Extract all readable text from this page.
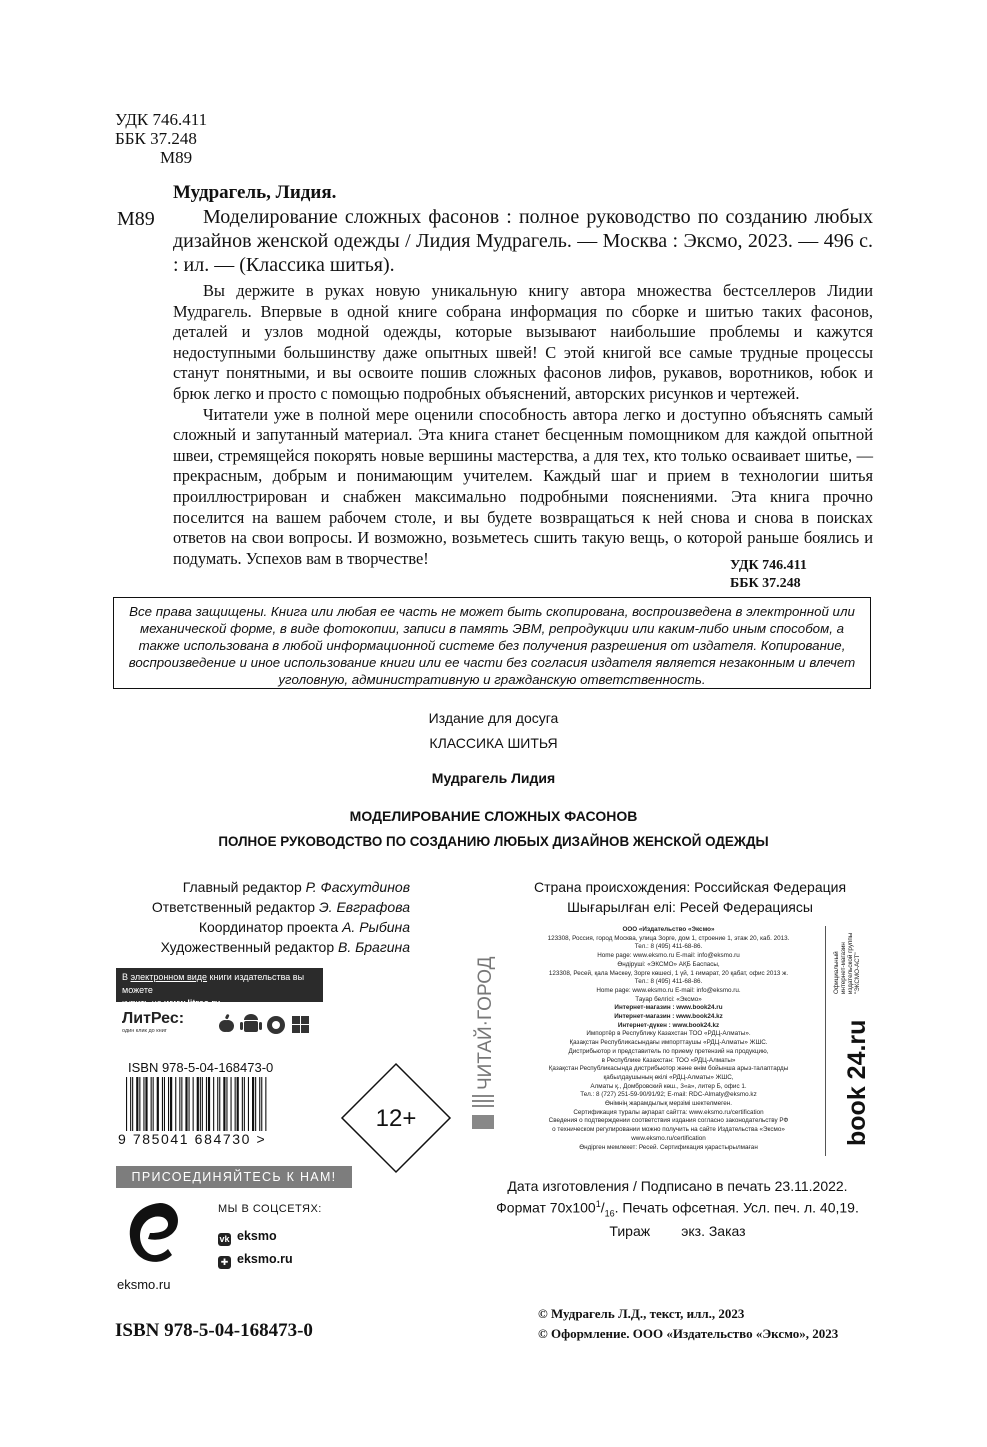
УДК 746.411
ББК 37.248
М89
Мудрагель, Лидия.
М89	Моделирование сложных фасонов : полное руководство по созданию любых дизайнов женской одежды / Лидия Мудрагель. — Москва : Эксмо, 2023. — 496 с. : ил. — (Классика шитья).

Вы держите в руках новую уникальную книгу автора множества бестселлеров Лидии Мудрагель. Впервые в одной книге собрана информация по сборке и шитью таких фасонов, деталей и узлов модной одежды, которые вызывают наибольшие проблемы и кажутся недоступными большинству даже опытных швей! С этой книгой все самые трудные процессы станут понятными, и вы освоите пошив сложных фасонов лифов, рукавов, воротников, юбок и брюк легко и просто с помощью подробных объяснений, авторских рисунков и чертежей.

Читатели уже в полной мере оценили способность автора легко и доступно объяснять самый сложный и запутанный материал. Эта книга станет бесценным помощником для каждой опытной швеи, стремящейся покорять новые вершины мастерства, а для тех, кто только осваивает шитье, — прекрасным, добрым и понимающим учителем. Каждый шаг и прием в технологии шитья проиллюстрирован и снабжен максимально подробными пояснениями. Эта книга прочно поселится на вашем рабочем столе, и вы будете возвращаться к ней снова и снова в поисках ответов на свои вопросы. И возможно, возьметесь сшить такую вещь, о которой раньше боялись и подумать. Успехов вам в творчестве!	УДК 746.411
ББК 37.248
Все права защищены. Книга или любая ее часть не может быть скопирована, воспроизведена в электронной или механической форме, в виде фотокопии, записи в память ЭВМ, репродукции или каким-либо иным способом, а также использована в любой информационной системе без получения разрешения от издателя. Копирование, воспроизведение и иное использование книги или ее части без согласия издателя является незаконным и влечет уголовную, административную и гражданскую ответственность.
Издание для досуга
КЛАССИКА ШИТЬЯ
Мудрагель Лидия
МОДЕЛИРОВАНИЕ СЛОЖНЫХ ФАСОНОВ
ПОЛНОЕ РУКОВОДСТВО ПО СОЗДАНИЮ ЛЮБЫХ ДИЗАЙНОВ ЖЕНСКОЙ ОДЕЖДЫ
Главный редактор Р. Фасхутдинов
Ответственный редактор Э. Евграфова
Координатор проекта А. Рыбина
Художественный редактор В. Брагина
В электронном виде книги издательства вы можете
купить на www.litres.ru
ЛитРес:
один клик до книг
ISBN 978-5-04-168473-0
9 785041 684730 >
12+
ПРИСОЕДИНЯЙТЕСЬ К НАМ!
eksmo.ru
МЫ В СОЦСЕТЯХ:
vk eksmo
✚ eksmo.ru
Страна происхождения: Российская Федерация
Шығарылған елі: Ресей Федерациясы
ЧИТАЙ·ГОРОД
ООО «Издательство «Эксмо»
123308, Россия, город Москва, улица Зорге, дом 1, строение 1, этаж 20, каб. 2013.
Тел.: 8 (495) 411-68-86.
Home page: www.eksmo.ru E-mail: info@eksmo.ru
Өндіруші: «ЭКСМО» АҚБ Баспасы,
123308, Ресей, қала Мәскеу, Зорге көшесі, 1 үй, 1 ғимарат, 20 қабат, офис 2013 ж.
Тел.: 8 (495) 411-68-86.
Home page: www.eksmo.ru E-mail: info@eksmo.ru.
Тауар белгісі: «Эксмо»
Интернет-магазин : www.book24.ru
Интернет-магазин : www.book24.kz
Интернет-дүкен : www.book24.kz
Импортёр в Республику Казахстан ТОО «РДЦ-Алматы».
Қазақстан Республикасындағы импорттаушы «РДЦ-Алматы» ЖШС.
Дистрибьютор и представитель по приему претензий на продукцию,
в Республике Казахстан: ТОО «РДЦ-Алматы»
Қазақстан Республикасында дистрибьютор және өнім бойынша арыз-талаптарды
қабылдаушының өкілі «РДЦ-Алматы» ЖШС,
Алматы қ., Домбровский көш., 3«а», литер Б, офис 1.
Тел.: 8 (727) 251-59-90/91/92; E-mail: RDC-Almaty@eksmo.kz
Өнімнің жарамдылық мерзімі шектелмеген.
Сертификация туралы ақпарат сайтта: www.eksmo.ru/certification
Сведения о подтверждении соответствия издания согласно законодательству РФ
о техническом регулировании можно получить на сайте Издательства «Эксмо»
www.eksmo.ru/certification
Өндірген мемлекет: Ресей. Сертификация қарастырылмаған
Официальный интернет-магазин издательской группы "ЭКСМО-АСТ"
book 24.ru
Дата изготовления / Подписано в печать 23.11.2022.
Формат $70x100^1/_{16}$. Печать офсетная. Усл. печ. л. 40,19.
Тираж        экз. Заказ
ISBN 978-5-04-168473-0
© Мудрагель Л.Д., текст, илл., 2023
© Оформление. ООО «Издательство «Эксмо», 2023
